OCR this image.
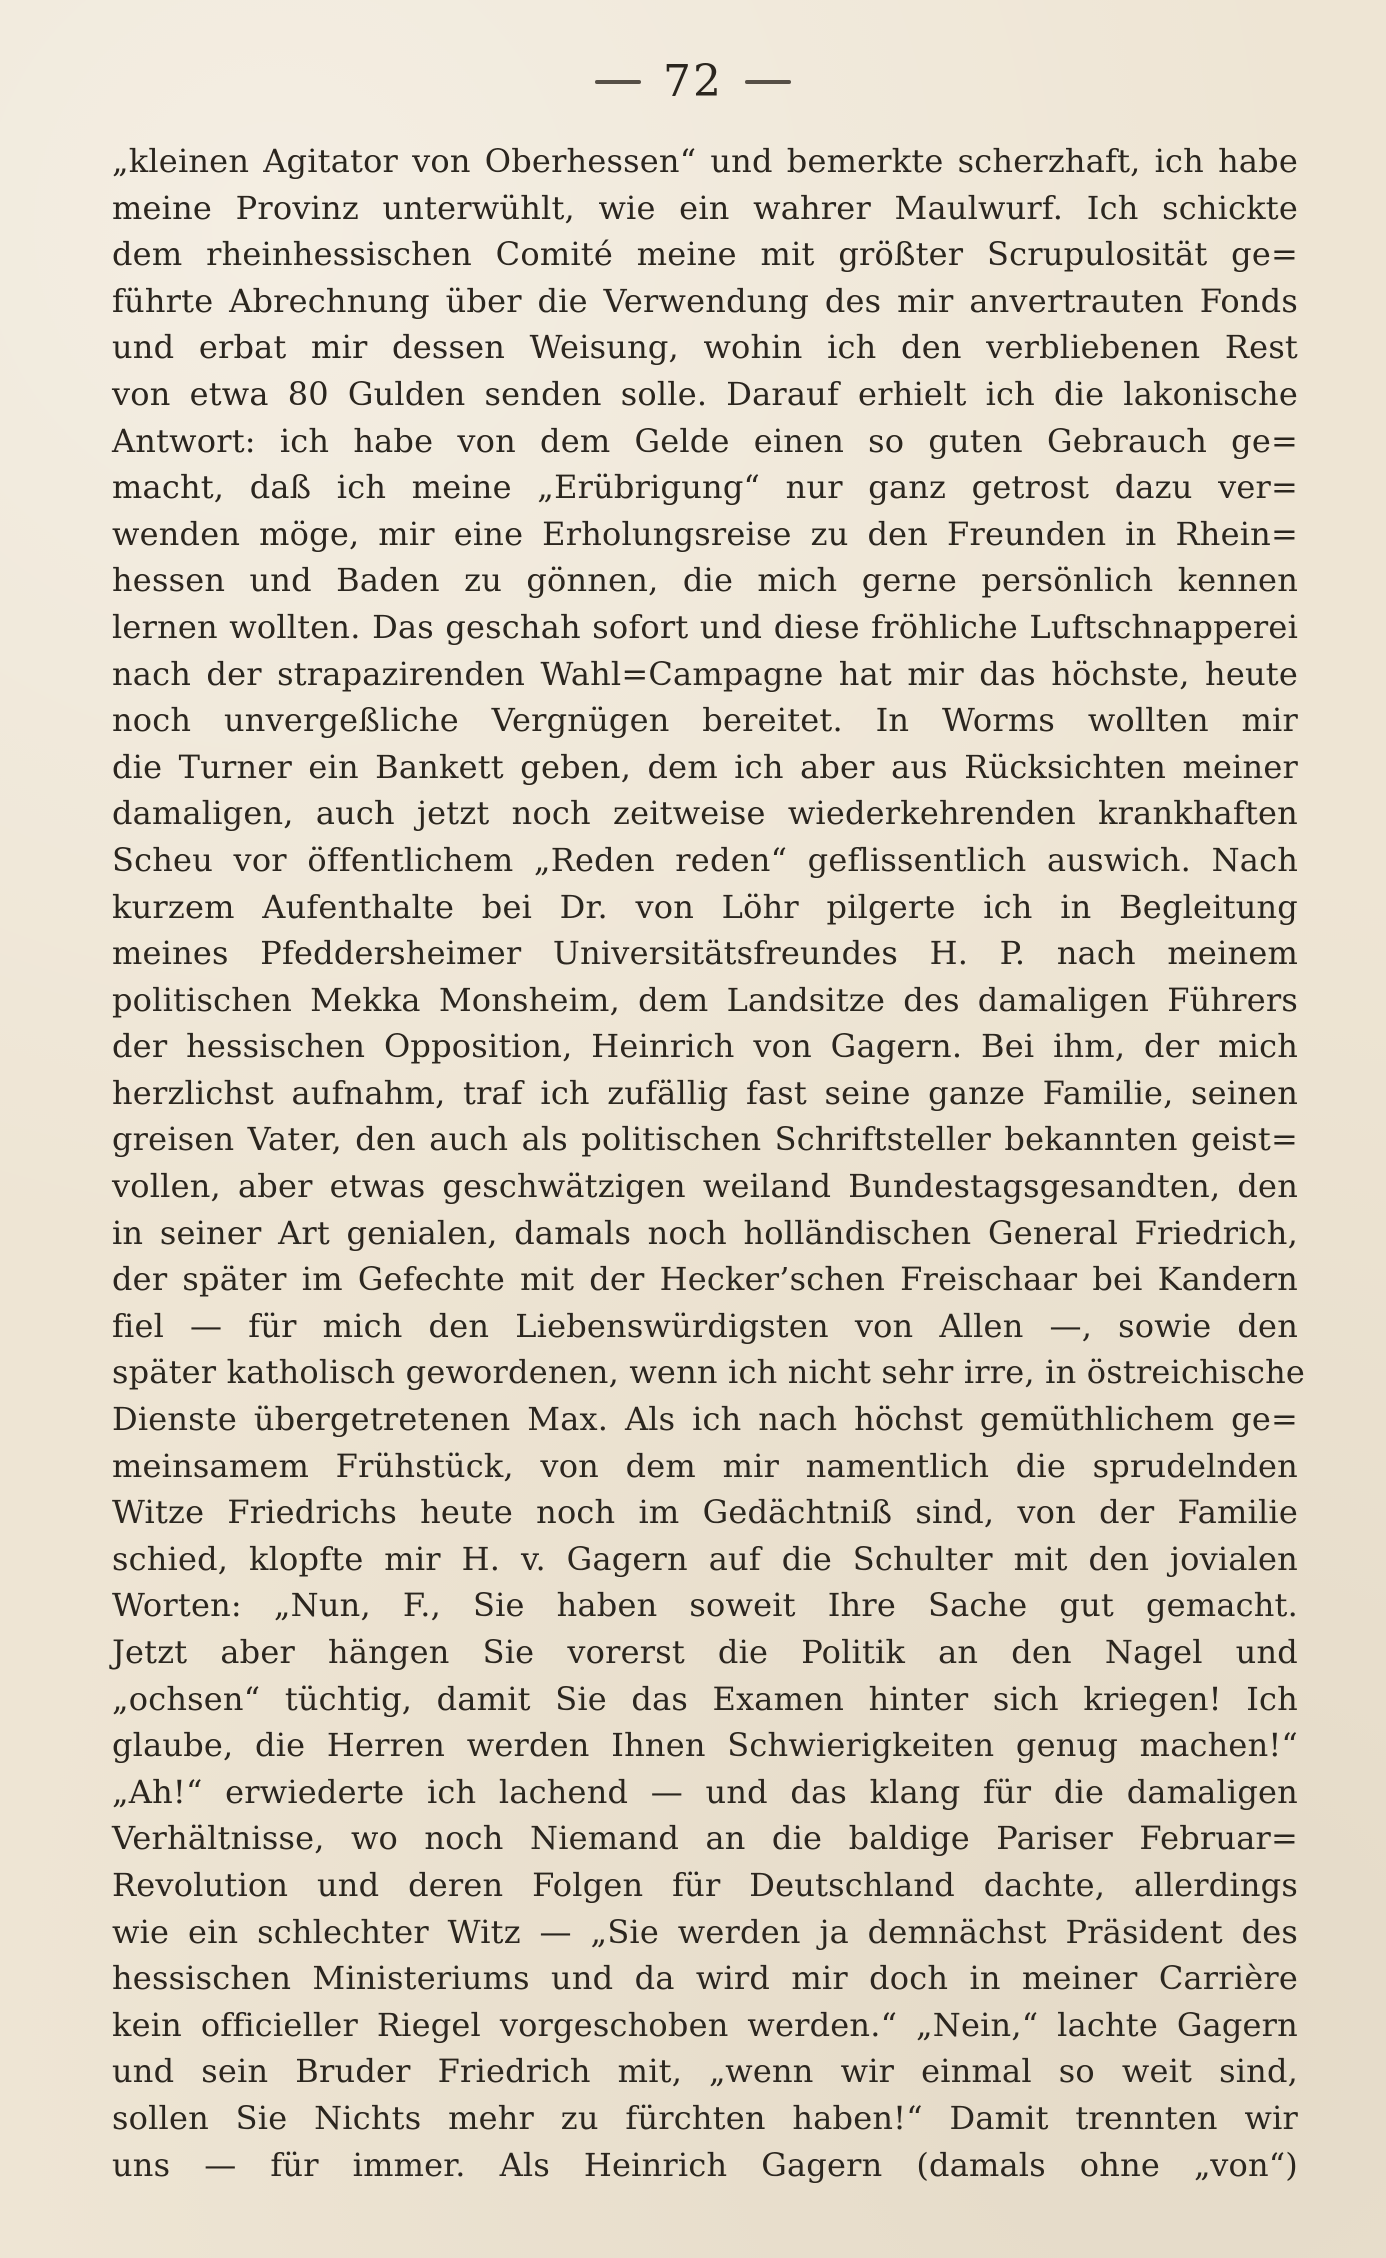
72
„kleinen Agitator von Oberhessen“ und bemerkte scherzhaft, ich habe
meine Provinz unterwühlt, wie ein wahrer Maulwurf. Ich schickte
dem rheinhessischen Comité meine mit größter Scrupulosität ge=
führte Abrechnung über die Verwendung des mir anvertrauten Fonds
und erbat mir dessen Weisung, wohin ich den verbliebenen Rest
von etwa 80 Gulden senden solle. Darauf erhielt ich die lakonische
Antwort: ich habe von dem Gelde einen so guten Gebrauch ge=
macht, daß ich meine „Erübrigung“ nur ganz getrost dazu ver=
wenden möge, mir eine Erholungsreise zu den Freunden in Rhein=
hessen und Baden zu gönnen, die mich gerne persönlich kennen
lernen wollten. Das geschah sofort und diese fröhliche Luftschnapperei
nach der strapazirenden Wahl=Campagne hat mir das höchste, heute
noch unvergeßliche Vergnügen bereitet. In Worms wollten mir
die Turner ein Bankett geben, dem ich aber aus Rücksichten meiner
damaligen, auch jetzt noch zeitweise wiederkehrenden krankhaften
Scheu vor öffentlichem „Reden reden“ geflissentlich auswich. Nach
kurzem Aufenthalte bei Dr. von Löhr pilgerte ich in Begleitung
meines Pfeddersheimer Universitätsfreundes H. P. nach meinem
politischen Mekka Monsheim, dem Landsitze des damaligen Führers
der hessischen Opposition, Heinrich von Gagern. Bei ihm, der mich
herzlichst aufnahm, traf ich zufällig fast seine ganze Familie, seinen
greisen Vater, den auch als politischen Schriftsteller bekannten geist=
vollen, aber etwas geschwätzigen weiland Bundestagsgesandten, den
in seiner Art genialen, damals noch holländischen General Friedrich,
der später im Gefechte mit der Hecker’schen Freischaar bei Kandern
fiel — für mich den Liebenswürdigsten von Allen —, sowie den
später katholisch gewordenen, wenn ich nicht sehr irre, in östreichische
Dienste übergetretenen Max. Als ich nach höchst gemüthlichem ge=
meinsamem Frühstück, von dem mir namentlich die sprudelnden
Witze Friedrichs heute noch im Gedächtniß sind, von der Familie
schied, klopfte mir H. v. Gagern auf die Schulter mit den jovialen
Worten: „Nun, F., Sie haben soweit Ihre Sache gut gemacht.
Jetzt aber hängen Sie vorerst die Politik an den Nagel und
„ochsen“ tüchtig, damit Sie das Examen hinter sich kriegen! Ich
glaube, die Herren werden Ihnen Schwierigkeiten genug machen!“
„Ah!“ erwiederte ich lachend — und das klang für die damaligen
Verhältnisse, wo noch Niemand an die baldige Pariser Februar=
Revolution und deren Folgen für Deutschland dachte, allerdings
wie ein schlechter Witz — „Sie werden ja demnächst Präsident des
hessischen Ministeriums und da wird mir doch in meiner Carrière
kein officieller Riegel vorgeschoben werden.“ „Nein,“ lachte Gagern
und sein Bruder Friedrich mit, „wenn wir einmal so weit sind,
sollen Sie Nichts mehr zu fürchten haben!“ Damit trennten wir
uns — für immer. Als Heinrich Gagern (damals ohne „von“)
